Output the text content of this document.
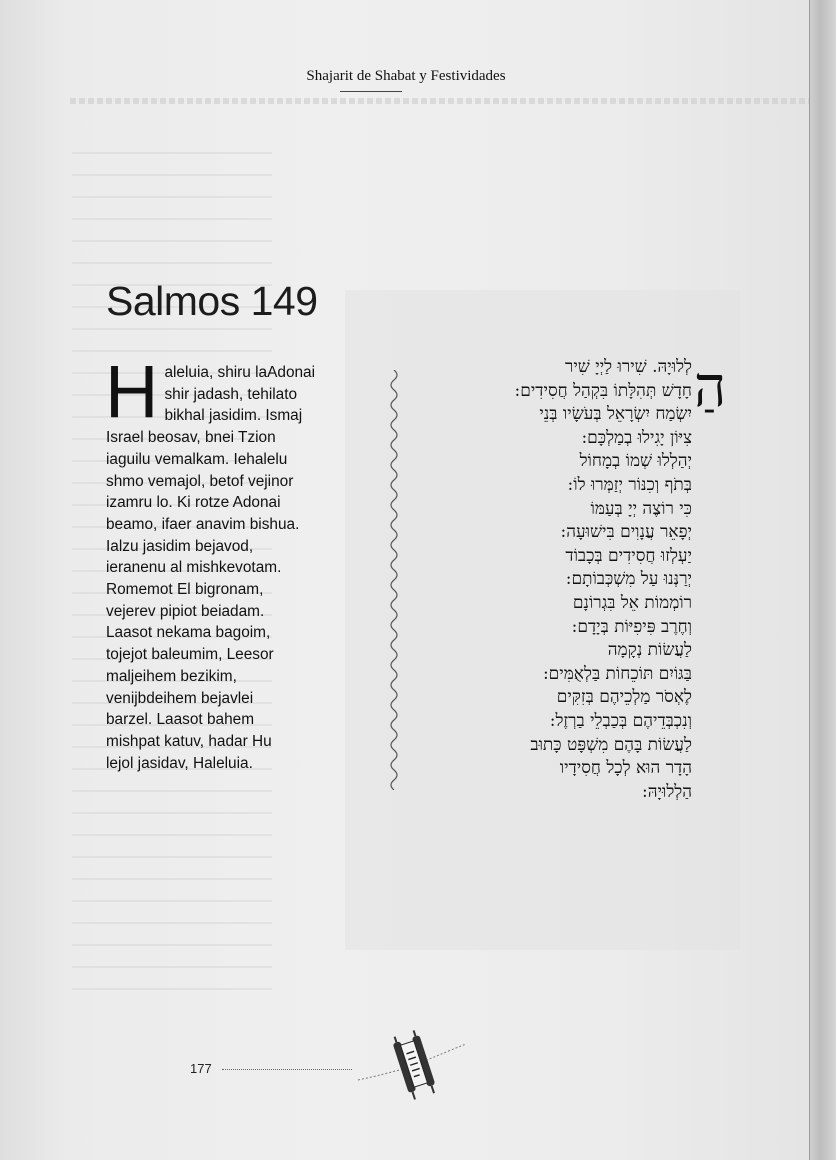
Shajarit de Shabat y Festividades
Salmos 149
H aleluia, shiru laAdonai
shir jadash, tehilato
bikhal jasidim. Ismaj
Israel beosav, bnei Tzion
iaguilu vemalkam. Iehalelu
shmo vemajol, betof vejinor
izamru lo. Ki rotze Adonai
beamo, ifaer anavim bishua.
Ialzu jasidim bejavod,
ieranenu al mishkevotam.
Romemot El bigronam,
vejerev pipiot beiadam.
Laasot nekama bagoim,
tojejot baleumim, Leesor
maljeihem bezikim,
venijbdeihem bejavlei
barzel. Laasot bahem
mishpat katuv, hadar Hu
lejol jasidav, Haleluia.
הַ
לְלוּיָהּ. שִׁירוּ לַיְיָ שִׁיר
חָדָשׁ תְּהִלָּתוֹ בִּקְהַל חֲסִידִים:
יִשְׂמַח יִשְׂרָאֵל בְּעֹשָׂיו בְּנֵי
צִיּוֹן יָגִילוּ בְמַלְכָּם:
יְהַלְלוּ שְׁמוֹ בְמָחוֹל
בְּתֹף וְכִנּוֹר יְזַמְּרוּ לוֹ:
כִּי רוֹצֶה יְיָ בְּעַמּוֹ
יְפָאֵר עֲנָוִים בִּישׁוּעָה:
יַעְלְזוּ חֲסִידִים בְּכָבוֹד
יְרַנְּנוּ עַל מִשְׁכְּבוֹתָם:
רוֹמְמוֹת אֵל בִּגְרוֹנָם
וְחֶרֶב פִּיפִיּוֹת בְּיָדָם:
לַעֲשׂוֹת נְקָמָה
בַּגּוֹיִם תּוֹכֵחוֹת בַּלְאֻמִּים:
לֶאְסֹר מַלְכֵיהֶם בְּזִקִּים
וְנִכְבְּדֵיהֶם בְּכַבְלֵי בַרְזֶל:
לַעֲשׂוֹת בָּהֶם מִשְׁפָּט כָּתוּב
הָדָר הוּא לְכָל חֲסִידָיו
הַלְלוּיָהּ:
177
